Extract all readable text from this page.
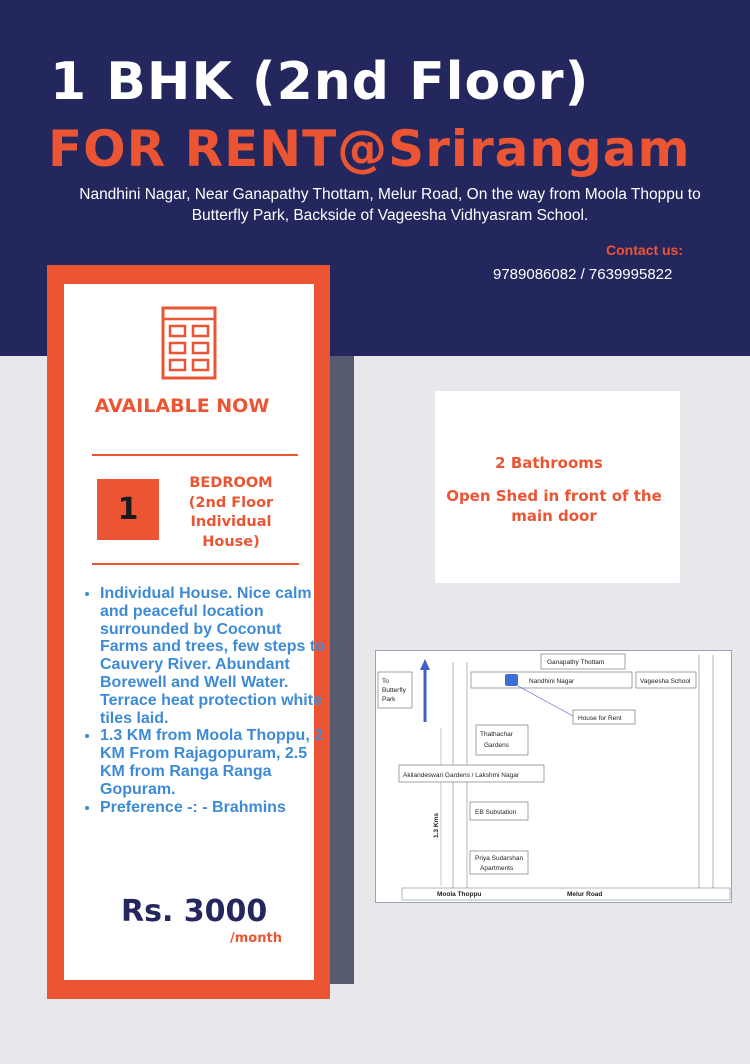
1 BHK (2nd Floor)
FOR RENT@Srirangam
Nandhini Nagar, Near Ganapathy Thottam, Melur Road, On the way from Moola Thoppu to Butterfly Park, Backside of Vageesha Vidhyasram School.
Contact us:
9789086082 / 7639995822
AVAILABLE NOW
1
BEDROOM
(2nd Floor
Individual
House)
• Individual House. Nice calm and peaceful location surrounded by Coconut Farms and trees, few steps to Cauvery River. Abundant Borewell and Well Water. Terrace heat protection white tiles laid.
• 1.3 KM from Moola Thoppu, 2 KM From Rajagopuram, 2.5 KM from Ranga Ranga Gopuram.
• Preference -: - Brahmins
Rs. 3000
/month
2 Bathrooms
Open Shed in front of the main door
Ganapathy Thottam
To
Butterfly
Park
Nandhini Nagar	Vageesha School
House for Rent
Thathachar
Gardens
Akilandeswari Gardens / Lakshmi Nagar
EB Substation
Priya Sudarshan
Apartments
1.3 Kms
Moola Thoppu	Melur Road
